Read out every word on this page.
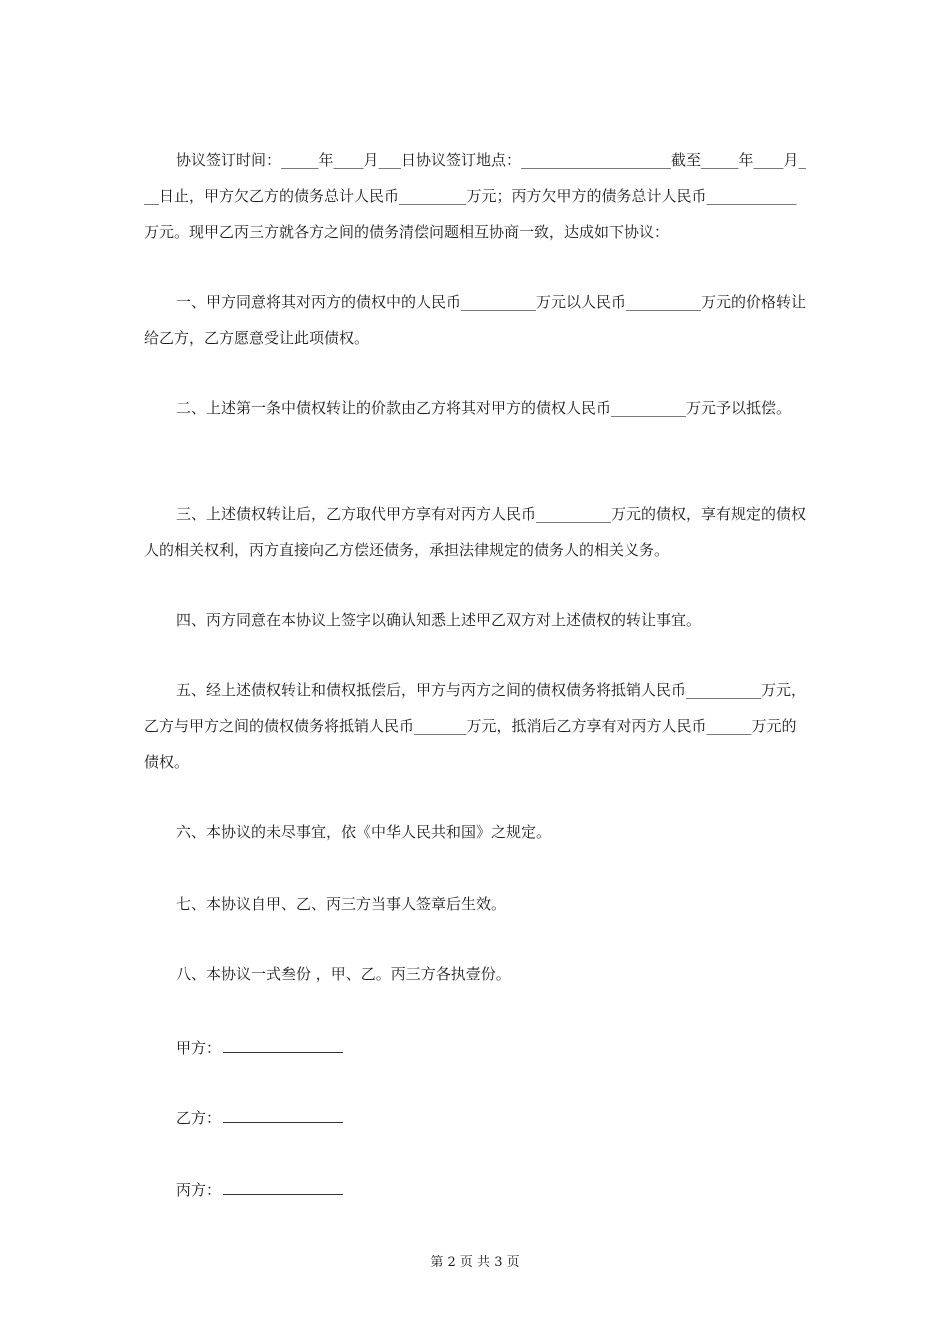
协议签订时间：_____年____月___日协议签订地点：____________________截至_____年____月___日止，甲方欠乙方的债务总计人民币_________万元；丙方欠甲方的债务总计人民币____________万元。现甲乙丙三方就各方之间的债务清偿问题相互协商一致，达成如下协议：

一、甲方同意将其对丙方的债权中的人民币__________万元以人民币__________万元的价格转让给乙方，乙方愿意受让此项债权。

二、上述第一条中债权转让的价款由乙方将其对甲方的债权人民币__________万元予以抵偿。

三、上述债权转让后，乙方取代甲方享有对丙方人民币__________万元的债权，享有规定的债权人的相关权利，丙方直接向乙方偿还债务，承担法律规定的债务人的相关义务。

四、丙方同意在本协议上签字以确认知悉上述甲乙双方对上述债权的转让事宜。

五、经上述债权转让和债权抵偿后，甲方与丙方之间的债权债务将抵销人民币__________万元，乙方与甲方之间的债权债务将抵销人民币_______万元，抵消后乙方享有对丙方人民币______万元的债权。

六、本协议的未尽事宜，依《中华人民共和国》之规定。

七、本协议自甲、乙、丙三方当事人签章后生效。

八、本协议一式叁份 ，甲、乙。丙三方各执壹份。

甲方：
乙方：
丙方：
第 2 页 共 3 页
